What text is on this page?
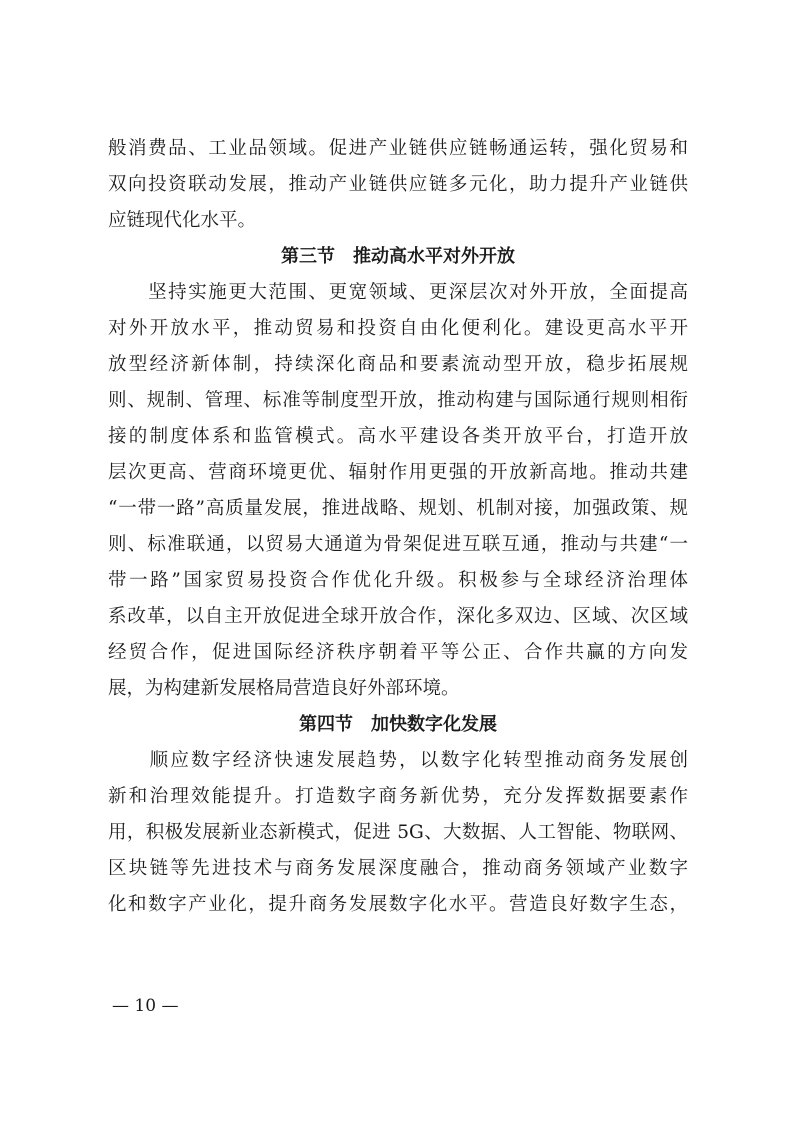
般消费品、工业品领域。促进产业链供应链畅通运转，强化贸易和
双向投资联动发展，推动产业链供应链多元化，助力提升产业链供
应链现代化水平。
第三节　推动高水平对外开放
　　坚持实施更大范围、更宽领域、更深层次对外开放，全面提高
对外开放水平，推动贸易和投资自由化便利化。建设更高水平开
放型经济新体制，持续深化商品和要素流动型开放，稳步拓展规
则、规制、管理、标准等制度型开放，推动构建与国际通行规则相衔
接的制度体系和监管模式。高水平建设各类开放平台，打造开放
层次更高、营商环境更优、辐射作用更强的开放新高地。推动共建
“一带一路”高质量发展，推进战略、规划、机制对接，加强政策、规
则、标准联通，以贸易大通道为骨架促进互联互通，推动与共建“一
带一路”国家贸易投资合作优化升级。积极参与全球经济治理体
系改革，以自主开放促进全球开放合作，深化多双边、区域、次区域
经贸合作，促进国际经济秩序朝着平等公正、合作共赢的方向发
展，为构建新发展格局营造良好外部环境。
第四节　加快数字化发展
　　顺应数字经济快速发展趋势，以数字化转型推动商务发展创
新和治理效能提升。打造数字商务新优势，充分发挥数据要素作
用，积极发展新业态新模式，促进 5G、大数据、人工智能、物联网、
区块链等先进技术与商务发展深度融合，推动商务领域产业数字
化和数字产业化，提升商务发展数字化水平。营造良好数字生态，
— 10 —
